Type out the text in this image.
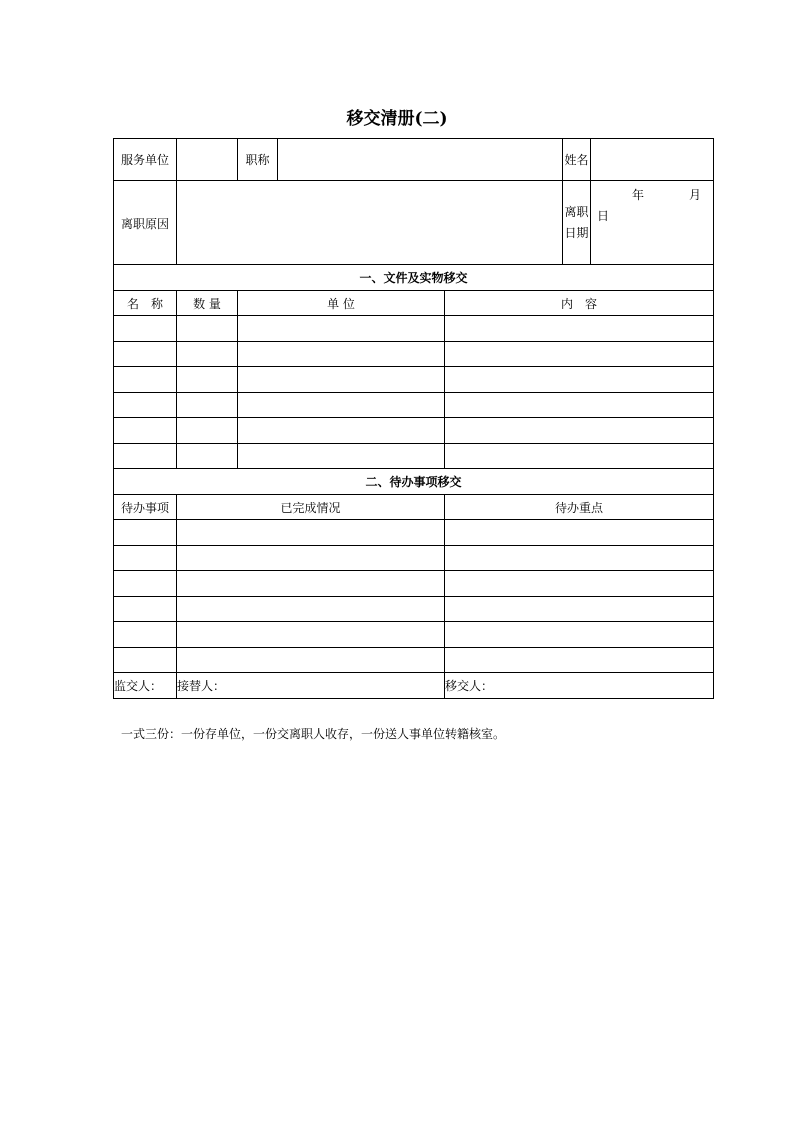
移交清册(二)
服务单位		职称			姓名	
离职原因					离职日期	年 月
日

一、文件及实物移交						
名　称	数 量	单 位		内　容		

二、待办事项移交						
待办事项	已完成情况			待办重点		

监交人：	接替人：			移交人：		
一式三份：一份存单位，一份交离职人收存，一份送人事单位转籍核室。
